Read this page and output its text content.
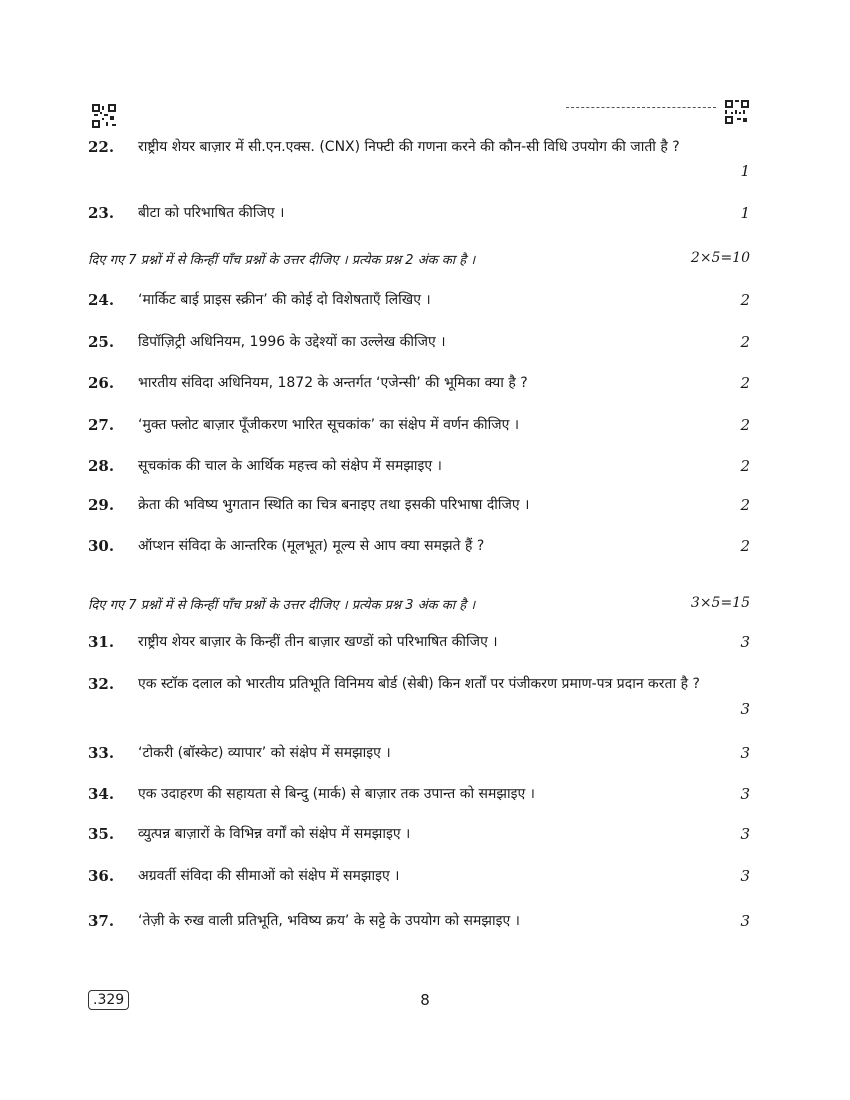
22.	राष्ट्रीय शेयर बाज़ार में सी.एन.एक्स. (CNX) निफ्टी की गणना करने की कौन-सी विधि उपयोग की जाती है ?
1
23.	बीटा को परिभाषित कीजिए ।	1
दिए गए 7 प्रश्नों में से किन्हीं पाँच प्रश्नों के उत्तर दीजिए । प्रत्येक प्रश्न 2 अंक का है ।	2×5=10
24.	‘मार्किट बाई प्राइस स्क्रीन’ की कोई दो विशेषताएँ लिखिए ।	2
25.	डिपॉज़िट्री अधिनियम, 1996 के उद्देश्यों का उल्लेख कीजिए ।	2
26.	भारतीय संविदा अधिनियम, 1872 के अन्तर्गत ‘एजेन्सी’ की भूमिका क्या है ?	2
27.	‘मुक्त फ्लोट बाज़ार पूँजीकरण भारित सूचकांक’ का संक्षेप में वर्णन कीजिए ।	2
28.	सूचकांक की चाल के आर्थिक महत्त्व को संक्षेप में समझाइए ।	2
29.	क्रेता की भविष्य भुगतान स्थिति का चित्र बनाइए तथा इसकी परिभाषा दीजिए ।	2
30.	ऑप्शन संविदा के आन्तरिक (मूलभूत) मूल्य से आप क्या समझते हैं ?	2
दिए गए 7 प्रश्नों में से किन्हीं पाँच प्रश्नों के उत्तर दीजिए । प्रत्येक प्रश्न 3 अंक का है ।	3×5=15
31.	राष्ट्रीय शेयर बाज़ार के किन्हीं तीन बाज़ार खण्डों को परिभाषित कीजिए ।	3
32.	एक स्टॉक दलाल को भारतीय प्रतिभूति विनिमय बोर्ड (सेबी) किन शर्तों पर पंजीकरण प्रमाण-पत्र प्रदान करता है ?
3
33.	‘टोकरी (बॉस्केट) व्यापार’ को संक्षेप में समझाइए ।	3
34.	एक उदाहरण की सहायता से बिन्दु (मार्क) से बाज़ार तक उपान्त को समझाइए ।	3
35.	व्युत्पन्न बाज़ारों के विभिन्न वर्गों को संक्षेप में समझाइए ।	3
36.	अग्रवर्ती संविदा की सीमाओं को संक्षेप में समझाइए ।	3
37.	‘तेज़ी के रुख वाली प्रतिभूति, भविष्य क्रय’ के सट्टे के उपयोग को समझाइए ।	3
.329	8
